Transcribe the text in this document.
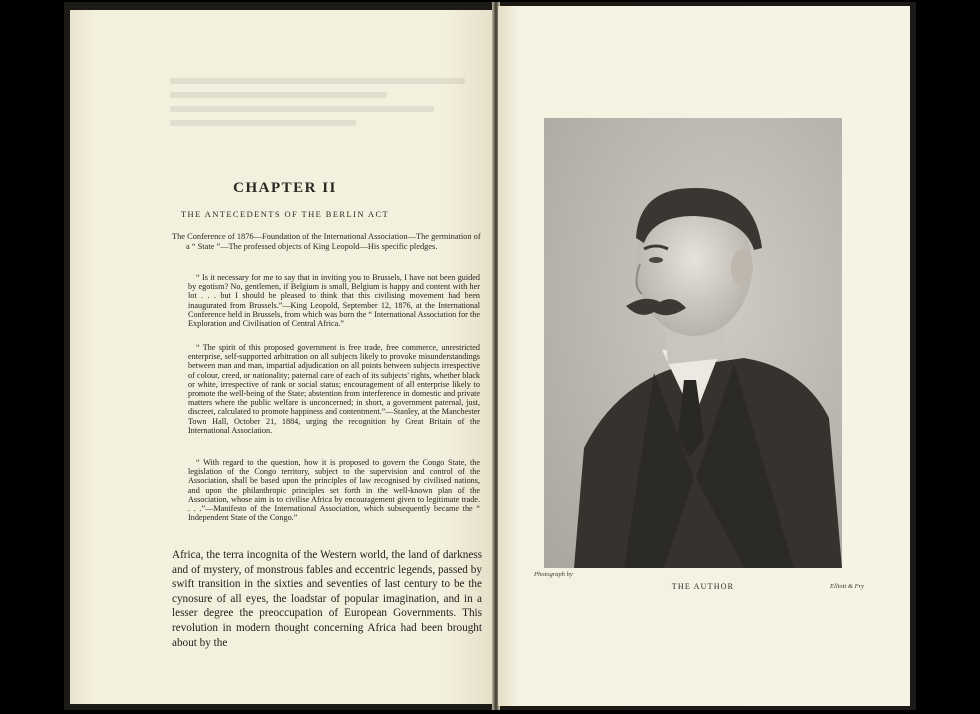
CHAPTER II
THE ANTECEDENTS OF THE BERLIN ACT
The Conference of 1876—Foundation of the International Association—The germination of a “ State ”—The professed objects of King Leopold—His specific pledges.

“ Is it necessary for me to say that in inviting you to Brussels, I have not been guided by egotism? No, gentlemen, if Belgium is small, Belgium is happy and content with her lot . . . but I should be pleased to think that this civilising movement had been inaugurated from Brussels.”—King Leopold, September 12, 1876, at the International Conference held in Brussels, from which was born the “ International Association for the Exploration and Civilisation of Central Africa.”

“ The spirit of this proposed government is free trade, free commerce, unrestricted enterprise, self-supported arbitration on all subjects likely to provoke misunderstandings between man and man, impartial adjudication on all points between subjects irrespective of colour, creed, or nationality; paternal care of each of its subjects' rights, whether black or white, irrespective of rank or social status; encouragement of all enterprise likely to promote the well-being of the State; abstention from interference in domestic and private matters where the public welfare is unconcerned; in short, a government paternal, just, discreet, calculated to promote happiness and contentment.”—Stanley, at the Manchester Town Hall, October 21, 1884, urging the recognition by Great Britain of the International Association.

“ With regard to the question, how it is proposed to govern the Congo State, the legislation of the Congo territory, subject to the supervision and control of the Association, shall be based upon the principles of law recognised by civilised nations, and upon the philanthropic principles set forth in the well-known plan of the Association, whose aim is to civilise Africa by encouragement given to legitimate trade. . . .”—Manifesto of the International Association, which subsequently became the “ Independent State of the Congo.”

Africa, the terra incognita of the Western world, the land of darkness and of mystery, of monstrous fables and eccentric legends, passed by swift transition in the sixties and seventies of last century to be the cynosure of all eyes, the loadstar of popular imagination, and in a lesser degree the preoccupation of European Governments. This revolution in modern thought concerning Africa had been brought about by the

Photograph by
THE AUTHOR	Elliott & Fry
